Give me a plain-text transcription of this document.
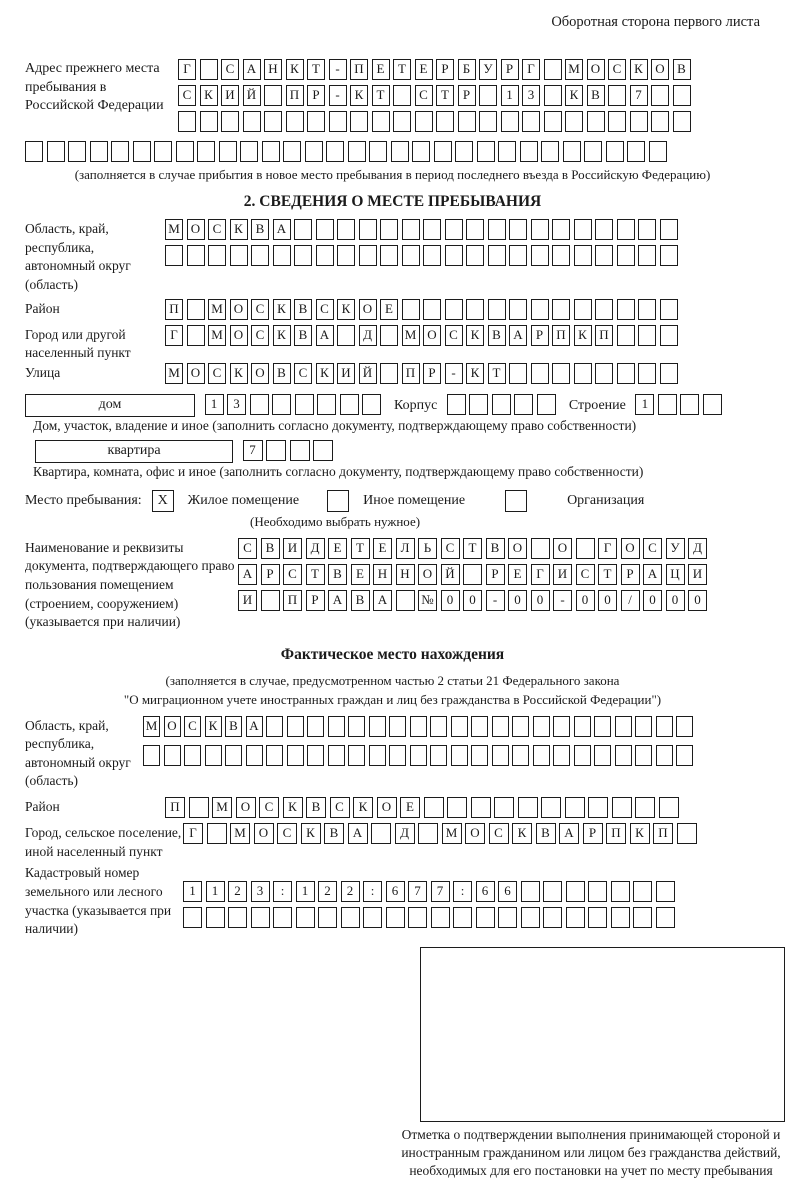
Оборотная сторона первого листа
Адрес прежнего места пребывания в Российской Федерации
Г	С А Н К Т - П Е Т Е Р Б У Р Г	М О С К О В
С К И Й	П Р - К Т	С Т Р	1 3	К В	7
(заполняется в случае прибытия в новое место пребывания в период последнего въезда в Российскую Федерацию)
2. СВЕДЕНИЯ О МЕСТЕ ПРЕБЫВАНИЯ
Область, край, республика, автономный округ (область)
М О С К В А
Район	П	М О С К В С К О Е
Город или другой населенный пункт
Г	М О С К В А	Д	М О С К В А Р П К П
Улица	М О С К О В С К И Й	П Р - К Т
дом	1 3	Корпус	Строение 1
Дом, участок, владение и иное (заполнить согласно документу, подтверждающему право собственности)
квартира	7
Квартира, комната, офис и иное (заполнить согласно документу, подтверждающему право собственности)
Место пребывания:	X	Жилое помещение	Иное помещение	Организация
(Необходимо выбрать нужное)
Наименование и реквизиты документа, подтверждающего право пользования помещением (строением, сооружением) (указывается при наличии)
С В И Д Е Т Е Л Ь С Т В О	О	Г О С У Д
А Р С Т В Е Н Н О Й	Р Е Г И С Т Р А Ц И
И	П Р А В А	№ 0 0 - 0 0 - 0 0 / 0 0 0
Фактическое место нахождения
(заполняется в случае, предусмотренном частью 2 статьи 21 Федерального закона
"О миграционном учете иностранных граждан и лиц без гражданства в Российской Федерации")
Область, край, республика, автономный округ (область)
М О С К В А
Район	П	М О С К В С К О Е
Город, сельское поселение, иной населенный пункт
Г	М О С К В А	Д	М О С К В А Р П К П
Кадастровый номер земельного или лесного участка (указывается при наличии)
1 1 2 3 : 1 2 2 : 6 7 7 : 6 6
Отметка о подтверждении выполнения принимающей стороной и иностранным гражданином или лицом без гражданства действий, необходимых для его постановки на учет по месту пребывания
